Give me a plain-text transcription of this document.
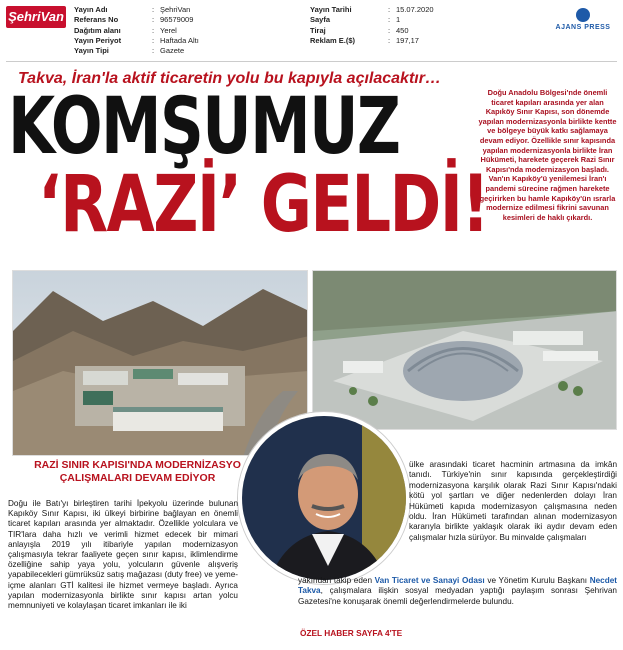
ŞehriVan Yayın Adı	: ŞehriVan
Referans No	: 96579009
Dağıtım alanı	: Yerel
Yayın Periyot	: Haftada Altı
Yayın Tipi	: Gazete
Yayın Tarihi	: 15.07.2020
Sayfa	: 1
Tiraj	: 450
Reklam E.($)	: 197,17
AJANS PRESS
Takva, İran'la aktif ticaretin yolu bu kapıyla açılacaktır…
KOMŞUMUZ
‘RAZİ’ GELDİ!
Doğu Anadolu Bölgesi'nde önemli ticaret kapıları arasında yer alan Kapıköy Sınır Kapısı, son dönemde yapılan modernizasyonla birlikte kentte ve bölgeye büyük katkı sağlamaya devam ediyor. Özellikle sınır kapısında yapılan modernizasyonla birlikte İran Hükümeti, harekete geçerek Razi Sınır Kapısı'nda modernizasyon başladı. Van'ın Kapıköy'ü yenilemesi İran'ı pandemi sürecine rağmen harekete geçirirken bu hamle Kapıköy'ün ısrarla modernize edilmesi fikrini savunan kesimleri de haklı çıkardı.
RAZİ SINIR KAPISI'NDA MODERNİZASYO ÇALIŞMALARI DEVAM EDİYOR
Doğu ile Batı'yı birleştiren tarihi İpekyolu üzerinde bulunan Kapıköy Sınır Kapısı, iki ülkeyi birbirine bağlayan en önemli ticaret kapıları arasında yer almaktadır. Özellikle yolculara ve TIR'lara daha hızlı ve verimli hizmet edecek bir mimari anlayışla 2019 yılı itibariyle yapılan modernizasyon çalışmasıyla tekrar faaliyete geçen sınır kapısı, iklimlendirme özelliğine sahip yaya yolu, yolcuların güvenle alışveriş yapabilecekleri gümrüksüz satış mağazası (duty free) ve yeme-içme alanları GTİ kalitesi ile hizmet vermeye başladı. Ayrıca yapılan modernizasyonla birlikte sınır kapısı artan yolcu memnuniyeti ve kolaylaşan ticaret imkanları ile iki
ülke arasındaki ticaret hacminin artmasına da imkân tanıdı. Türkiye'nin sınır kapısında gerçekleştirdiği modernizasyona karşılık olarak Razi Sınır Kapısı'ndaki kötü yol şartları ve diğer nedenlerden dolayı İran Hükümeti kapıda modernizasyon çalışmasına neden oldu. İran Hükümeti tarafından alınan modernizasyon kararıyla birlikte yaklaşık olarak iki aydır devam eden çalışmalar hızla sürüyor. Bu minvalde çalışmaları
yakından takip eden Van Ticaret ve Sanayi Odası ve Yönetim Kurulu Başkanı Necdet Takva, çalışmalara ilişkin sosyal medyadan yaptığı paylaşım sonrası Şehrivan Gazetesi'ne konuşarak önemli değerlendirmelerde bulundu.
ÖZEL HABER SAYFA 4'TE
